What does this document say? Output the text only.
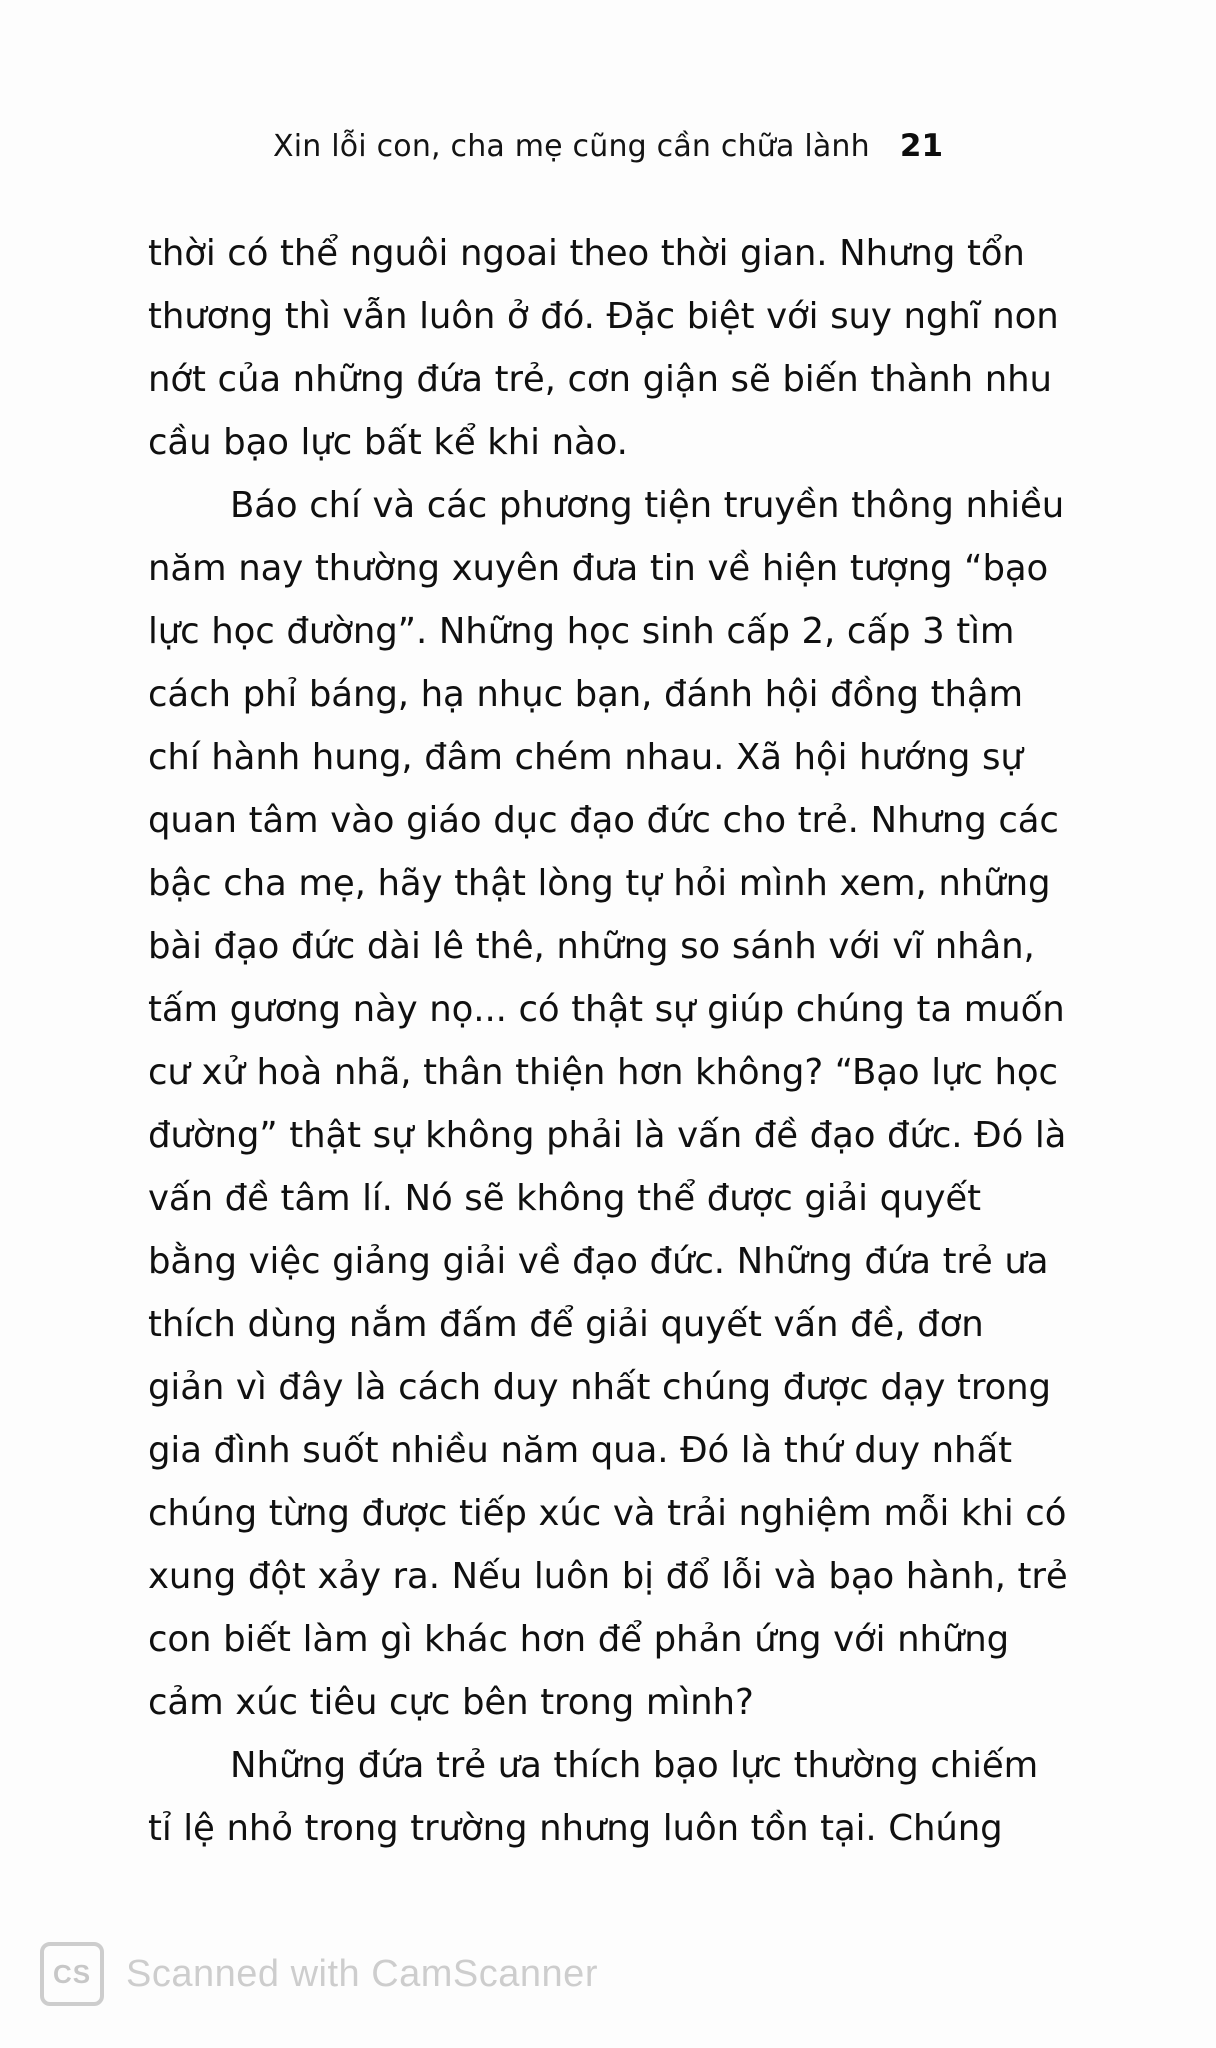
Xin lỗi con, cha mẹ cũng cần chữa lành 21

thời có thể nguôi ngoai theo thời gian. Nhưng tổn thương thì vẫn luôn ở đó. Đặc biệt với suy nghĩ non nớt của những đứa trẻ, cơn giận sẽ biến thành nhu cầu bạo lực bất kể khi nào.

Báo chí và các phương tiện truyền thông nhiều năm nay thường xuyên đưa tin về hiện tượng “bạo lực học đường”. Những học sinh cấp 2, cấp 3 tìm cách phỉ báng, hạ nhục bạn, đánh hội đồng thậm chí hành hung, đâm chém nhau. Xã hội hướng sự quan tâm vào giáo dục đạo đức cho trẻ. Nhưng các bậc cha mẹ, hãy thật lòng tự hỏi mình xem, những bài đạo đức dài lê thê, những so sánh với vĩ nhân, tấm gương này nọ... có thật sự giúp chúng ta muốn cư xử hoà nhã, thân thiện hơn không? “Bạo lực học đường” thật sự không phải là vấn đề đạo đức. Đó là vấn đề tâm lí. Nó sẽ không thể được giải quyết bằng việc giảng giải về đạo đức. Những đứa trẻ ưa thích dùng nắm đấm để giải quyết vấn đề, đơn giản vì đây là cách duy nhất chúng được dạy trong gia đình suốt nhiều năm qua. Đó là thứ duy nhất chúng từng được tiếp xúc và trải nghiệm mỗi khi có xung đột xảy ra. Nếu luôn bị đổ lỗi và bạo hành, trẻ con biết làm gì khác hơn để phản ứng với những cảm xúc tiêu cực bên trong mình?

Những đứa trẻ ưa thích bạo lực thường chiếm tỉ lệ nhỏ trong trường nhưng luôn tồn tại. Chúng

CS Scanned with CamScanner
